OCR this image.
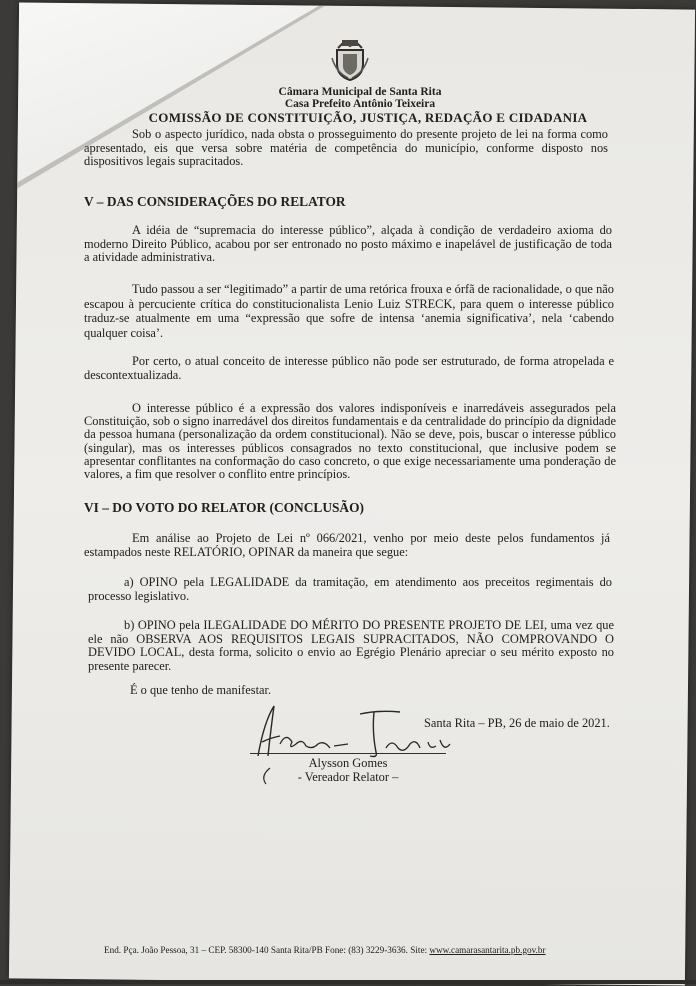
Câmara Municipal de Santa Rita
Casa Prefeito Antônio Teixeira
COMISSÃO DE CONSTITUIÇÃO, JUSTIÇA, REDAÇÃO E CIDADANIA
Sob o aspecto jurídico, nada obsta o prosseguimento do presente projeto de lei na forma como apresentado, eis que versa sobre matéria de competência do município, conforme disposto nos dispositivos legais supracitados.
V – DAS CONSIDERAÇÕES DO RELATOR
A idéia de “supremacia do interesse público”, alçada à condição de verdadeiro axioma do moderno Direito Público, acabou por ser entronado no posto máximo e inapelável de justificação de toda a atividade administrativa.
Tudo passou a ser “legitimado” a partir de uma retórica frouxa e órfã de racionalidade, o que não escapou à percuciente crítica do constitucionalista Lenio Luiz STRECK, para quem o interesse público traduz-se atualmente em uma “expressão que sofre de intensa ‘anemia significativa’, nela ‘cabendo qualquer coisa’.
Por certo, o atual conceito de interesse público não pode ser estruturado, de forma atropelada e descontextualizada.
O interesse público é a expressão dos valores indisponíveis e inarredáveis assegurados pela Constituição, sob o signo inarredável dos direitos fundamentais e da centralidade do princípio da dignidade da pessoa humana (personalização da ordem constitucional). Não se deve, pois, buscar o interesse público (singular), mas os interesses públicos consagrados no texto constitucional, que inclusive podem se apresentar conflitantes na conformação do caso concreto, o que exige necessariamente uma ponderação de valores, a fim que resolver o conflito entre princípios.
VI – DO VOTO DO RELATOR (CONCLUSÃO)
Em análise ao Projeto de Lei nº 066/2021, venho por meio deste pelos fundamentos já estampados neste RELATÓRIO, OPINAR da maneira que segue:
a) OPINO pela LEGALIDADE da tramitação, em atendimento aos preceitos regimentais do processo legislativo.
b) OPINO pela ILEGALIDADE DO MÉRITO DO PRESENTE PROJETO DE LEI, uma vez que ele não OBSERVA AOS REQUISITOS LEGAIS SUPRACITADOS, NÃO COMPROVANDO O DEVIDO LOCAL, desta forma, solicito o envio ao Egrégio Plenário apreciar o seu mérito exposto no presente parecer.
É o que tenho de manifestar.
Santa Rita – PB, 26 de maio de 2021.
Alysson Gomes
- Vereador Relator –
End. Pça. João Pessoa, 31 – CEP. 58300-140 Santa Rita/PB Fone: (83) 3229-3636. Site: www.camarasantarita.pb.gov.br
